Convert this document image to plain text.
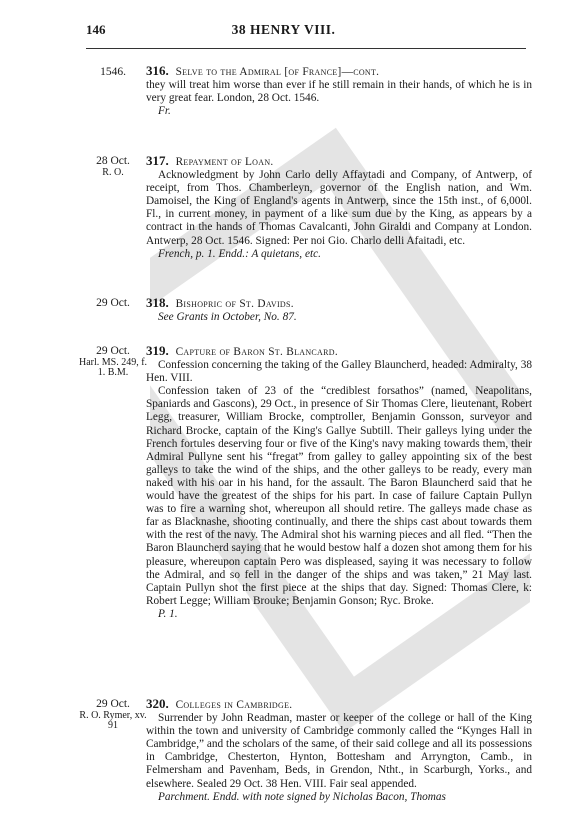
146	38 HENRY VIII.
1546.	316. Selve to the Admiral [of France]—cont.
they will treat him worse than ever if he still remain in their hands, of which he is in very great fear. London, 28 Oct. 1546.
Fr.
28 Oct.
R. O.
317. Repayment of Loan.
Acknowledgment by John Carlo delly Affaytadi and Company, of Antwerp, of receipt, from Thos. Chamberleyn, governor of the English nation, and Wm. Damoisel, the King of England's agents in Antwerp, since the 15th inst., of 6,000l. Fl., in current money, in payment of a like sum due by the King, as appears by a contract in the hands of Thomas Cavalcanti, John Giraldi and Company at London. Antwerp, 28 Oct. 1546. Signed: Per noi Gio. Charlo delli Afaitadi, etc.
French, p. 1. Endd.: A quietans, etc.
29 Oct.	318. Bishopric of St. Davids.
See Grants in October, No. 87.
29 Oct.
Harl. MS. 249, f. 1. B.M.
319. Capture of Baron St. Blancard.
Confession concerning the taking of the Galley Blauncherd, headed: Admiralty, 38 Hen. VIII.
Confession taken of 23 of the “crediblest forsathos” (named, Neapolitans, Spaniards and Gascons), 29 Oct., in presence of Sir Thomas Clere, lieutenant, Robert Legg, treasurer, William Brocke, comptroller, Benjamin Gonsson, surveyor and Richard Brocke, captain of the King's Gallye Subtill. Their galleys lying under the French fortules deserving four or five of the King's navy making towards them, their Admiral Pullyne sent his “fregat” from galley to galley appointing six of the best galleys to take the wind of the ships, and the other galleys to be ready, every man naked with his oar in his hand, for the assault. The Baron Blauncherd said that he would have the greatest of the ships for his part. In case of failure Captain Pullyn was to fire a warning shot, whereupon all should retire. The galleys made chase as far as Blacknashe, shooting continually, and there the ships cast about towards them with the rest of the navy. The Admiral shot his warning pieces and all fled. “Then the Baron Blauncherd saying that he would bestow half a dozen shot among them for his pleasure, whereupon captain Pero was displeased, saying it was necessary to follow the Admiral, and so fell in the danger of the ships and was taken,” 21 May last. Captain Pullyn shot the first piece at the ships that day. Signed: Thomas Clere, k: Robert Legge; William Brouke; Benjamin Gonson; Ryc. Broke.
P. 1.
29 Oct.
R. O. Rymer, xv. 91
320. Colleges in Cambridge.
Surrender by John Readman, master or keeper of the college or hall of the King within the town and university of Cambridge commonly called the “Kynges Hall in Cambridge,” and the scholars of the same, of their said college and all its possessions in Cambridge, Chesterton, Hynton, Bottesham and Arryngton, Camb., in Felmersham and Pavenham, Beds, in Grendon, Ntht., in Scarburgh, Yorks., and elsewhere. Sealed 29 Oct. 38 Hen. VIII. Fair seal appended.
Parchment. Endd. with note signed by Nicholas Bacon, Thomas
